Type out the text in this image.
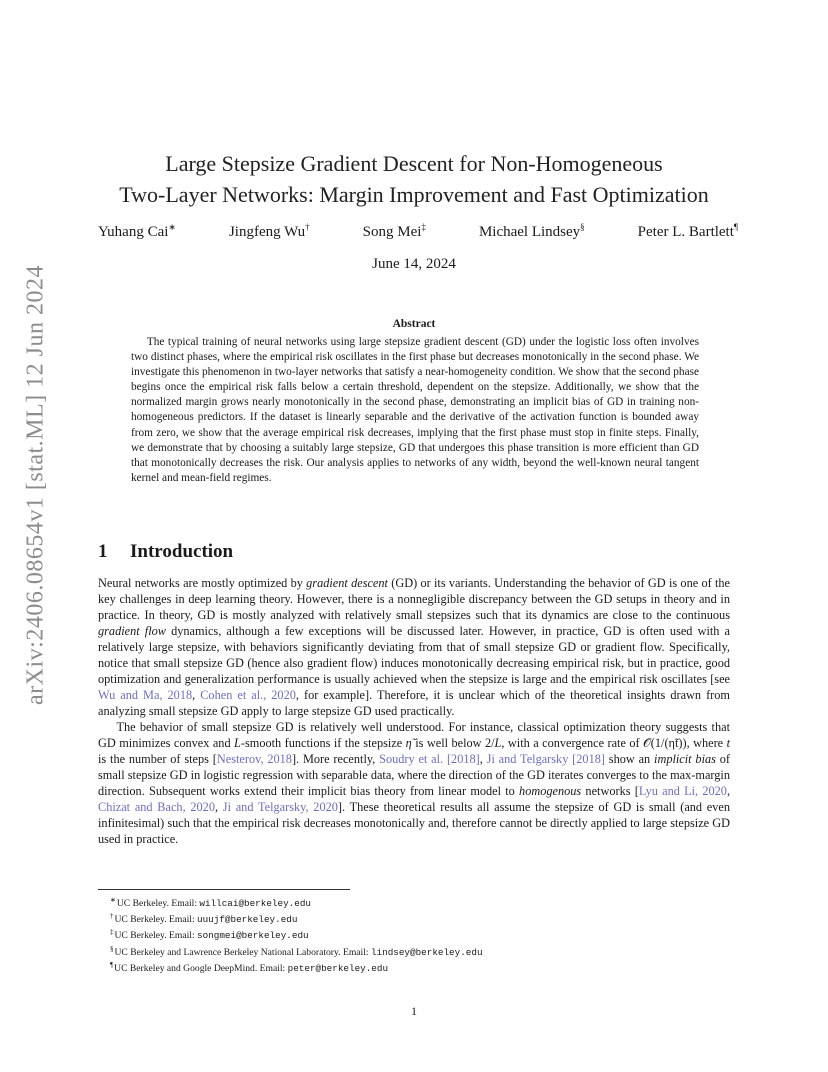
arXiv:2406.08654v1 [stat.ML] 12 Jun 2024
Large Stepsize Gradient Descent for Non-Homogeneous
Two-Layer Networks: Margin Improvement and Fast Optimization
Yuhang Cai∗	Jingfeng Wu†	Song Mei‡	Michael Lindsey§	Peter L. Bartlett¶
June 14, 2024
Abstract
The typical training of neural networks using large stepsize gradient descent (GD) under the logistic loss often involves two distinct phases, where the empirical risk oscillates in the first phase but decreases monotonically in the second phase. We investigate this phenomenon in two-layer networks that satisfy a near-homogeneity condition. We show that the second phase begins once the empirical risk falls below a certain threshold, dependent on the stepsize. Additionally, we show that the normalized margin grows nearly monotonically in the second phase, demonstrating an implicit bias of GD in training non-homogeneous predictors. If the dataset is linearly separable and the derivative of the activation function is bounded away from zero, we show that the average empirical risk decreases, implying that the first phase must stop in finite steps. Finally, we demonstrate that by choosing a suitably large stepsize, GD that undergoes this phase transition is more efficient than GD that monotonically decreases the risk. Our analysis applies to networks of any width, beyond the well-known neural tangent kernel and mean-field regimes.
1 Introduction

Neural networks are mostly optimized by gradient descent (GD) or its variants. Understanding the behavior of GD is one of the key challenges in deep learning theory. However, there is a nonnegligible discrepancy between the GD setups in theory and in practice. In theory, GD is mostly analyzed with relatively small stepsizes such that its dynamics are close to the continuous gradient flow dynamics, although a few exceptions will be discussed later. However, in practice, GD is often used with a relatively large stepsize, with behaviors significantly deviating from that of small stepsize GD or gradient flow. Specifically, notice that small stepsize GD (hence also gradient flow) induces monotonically decreasing empirical risk, but in practice, good optimization and generalization performance is usually achieved when the stepsize is large and the empirical risk oscillates [see Wu and Ma, 2018, Cohen et al., 2020, for example]. Therefore, it is unclear which of the theoretical insights drawn from analyzing small stepsize GD apply to large stepsize GD used practically.

The behavior of small stepsize GD is relatively well understood. For instance, classical optimization theory suggests that GD minimizes convex and L-smooth functions if the stepsize η̃ is well below 2/L, with a convergence rate of 𝒪(1/(η̃t)), where t is the number of steps [Nesterov, 2018]. More recently, Soudry et al. [2018], Ji and Telgarsky [2018] show an implicit bias of small stepsize GD in logistic regression with separable data, where the direction of the GD iterates converges to the max-margin direction. Subsequent works extend their implicit bias theory from linear model to homogenous networks [Lyu and Li, 2020, Chizat and Bach, 2020, Ji and Telgarsky, 2020]. These theoretical results all assume the stepsize of GD is small (and even infinitesimal) such that the empirical risk decreases monotonically and, therefore cannot be directly applied to large stepsize GD used in practice.

∗UC Berkeley. Email: willcai@berkeley.edu
†UC Berkeley. Email: uuujf@berkeley.edu
‡UC Berkeley. Email: songmei@berkeley.edu
§UC Berkeley and Lawrence Berkeley National Laboratory. Email: lindsey@berkeley.edu
¶UC Berkeley and Google DeepMind. Email: peter@berkeley.edu
1
